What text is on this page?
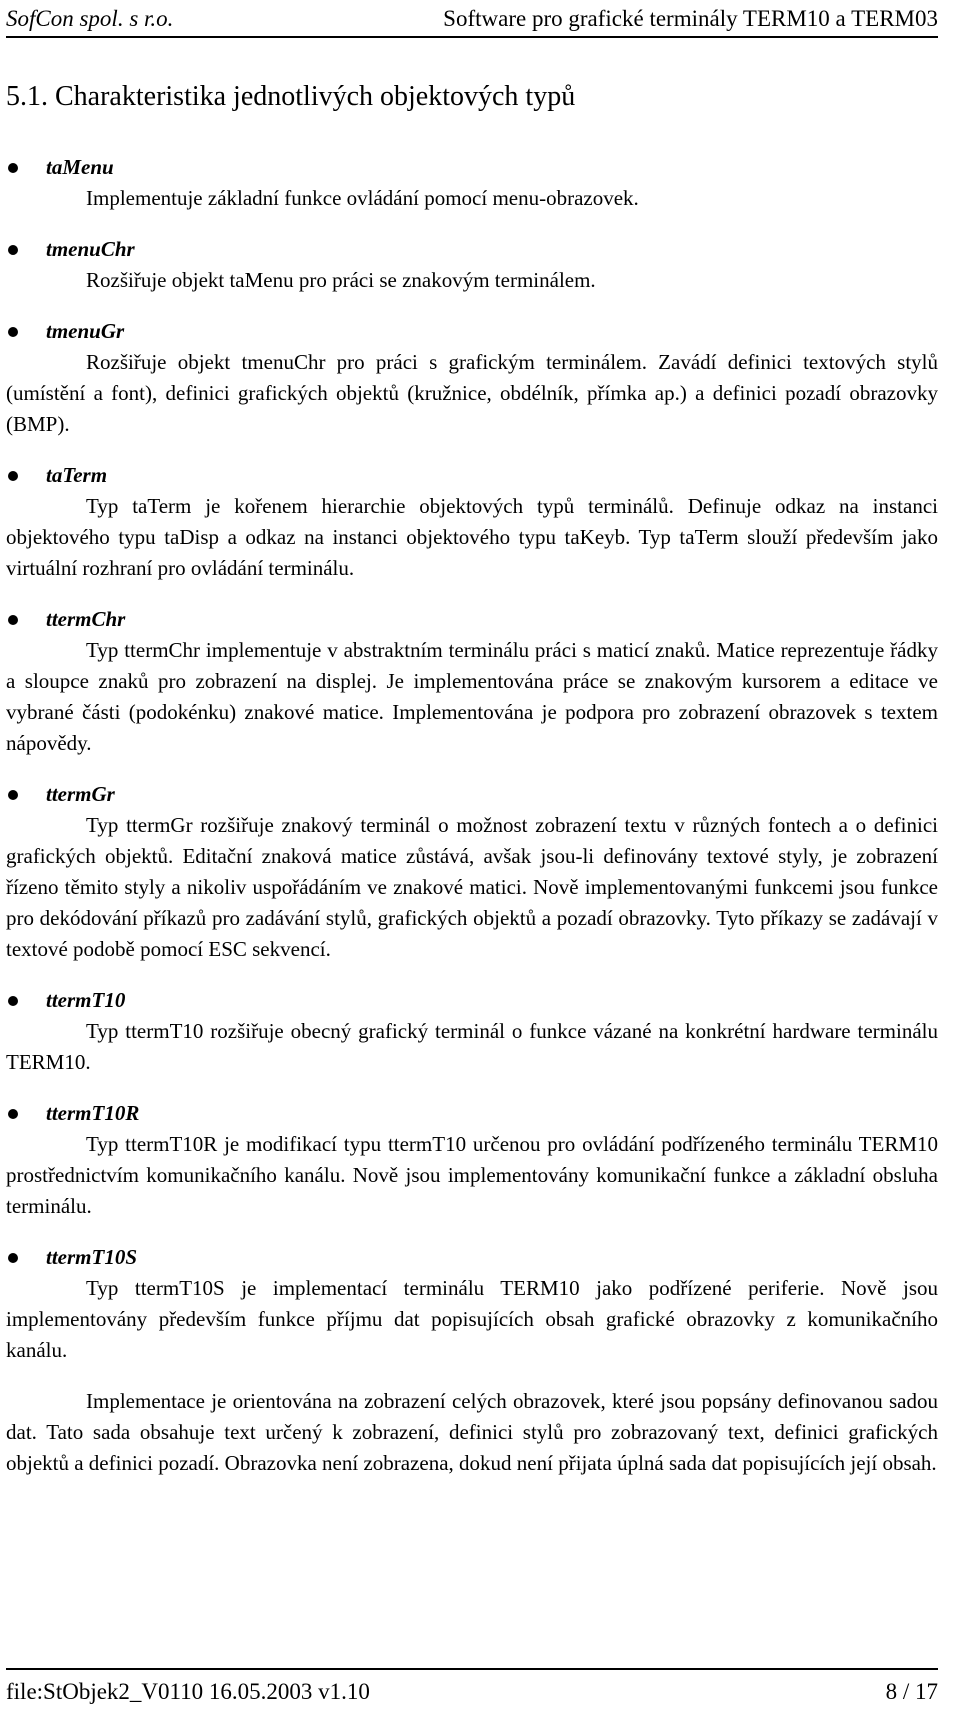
SofCon spol. s r.o.	Software pro grafické terminály TERM10 a TERM03
5.1. Charakteristika jednotlivých objektových typů
taMenu

Implementuje základní funkce ovládání pomocí menu-obrazovek.

tmenuChr

Rozšiřuje objekt taMenu pro práci se znakovým terminálem.

tmenuGr

Rozšiřuje objekt tmenuChr pro práci s grafickým terminálem. Zavádí definici textových stylů (umístění a font), definici grafických objektů (kružnice, obdélník, přímka ap.) a definici pozadí obrazovky (BMP).

taTerm

Typ taTerm je kořenem hierarchie objektových typů terminálů. Definuje odkaz na instanci objektového typu taDisp a odkaz na instanci objektového typu taKeyb. Typ taTerm slouží především jako virtuální rozhraní pro ovládání terminálu.

ttermChr

Typ ttermChr implementuje v abstraktním terminálu práci s maticí znaků. Matice reprezentuje řádky a sloupce znaků pro zobrazení na displej. Je implementována práce se znakovým kursorem a editace ve vybrané části (podokénku) znakové matice. Implementována je podpora pro zobrazení obrazovek s textem nápovědy.

ttermGr

Typ ttermGr rozšiřuje znakový terminál o možnost zobrazení textu v různých fontech a o definici grafických objektů. Editační znaková matice zůstává, avšak jsou-li definovány textové styly, je zobrazení řízeno těmito styly a nikoliv uspořádáním ve znakové matici. Nově implementovanými funkcemi jsou funkce pro dekódování příkazů pro zadávání stylů, grafických objektů a pozadí obrazovky. Tyto příkazy se zadávají v textové podobě pomocí ESC sekvencí.

ttermT10

Typ ttermT10 rozšiřuje obecný grafický terminál o funkce vázané na konkrétní hardware terminálu TERM10.

ttermT10R

Typ ttermT10R je modifikací typu ttermT10 určenou pro ovládání podřízeného terminálu TERM10 prostřednictvím komunikačního kanálu. Nově jsou implementovány komunikační funkce a základní obsluha terminálu.

ttermT10S

Typ ttermT10S je implementací terminálu TERM10 jako podřízené periferie. Nově jsou implementovány především funkce příjmu dat popisujících obsah grafické obrazovky z komunikačního kanálu.

Implementace je orientována na zobrazení celých obrazovek, které jsou popsány definovanou sadou dat. Tato sada obsahuje text určený k zobrazení, definici stylů pro zobrazovaný text, definici grafických objektů a definici pozadí. Obrazovka není zobrazena, dokud není přijata úplná sada dat popisujících její obsah.

file:StObjek2_V0110 16.05.2003 v1.10	8 / 17
